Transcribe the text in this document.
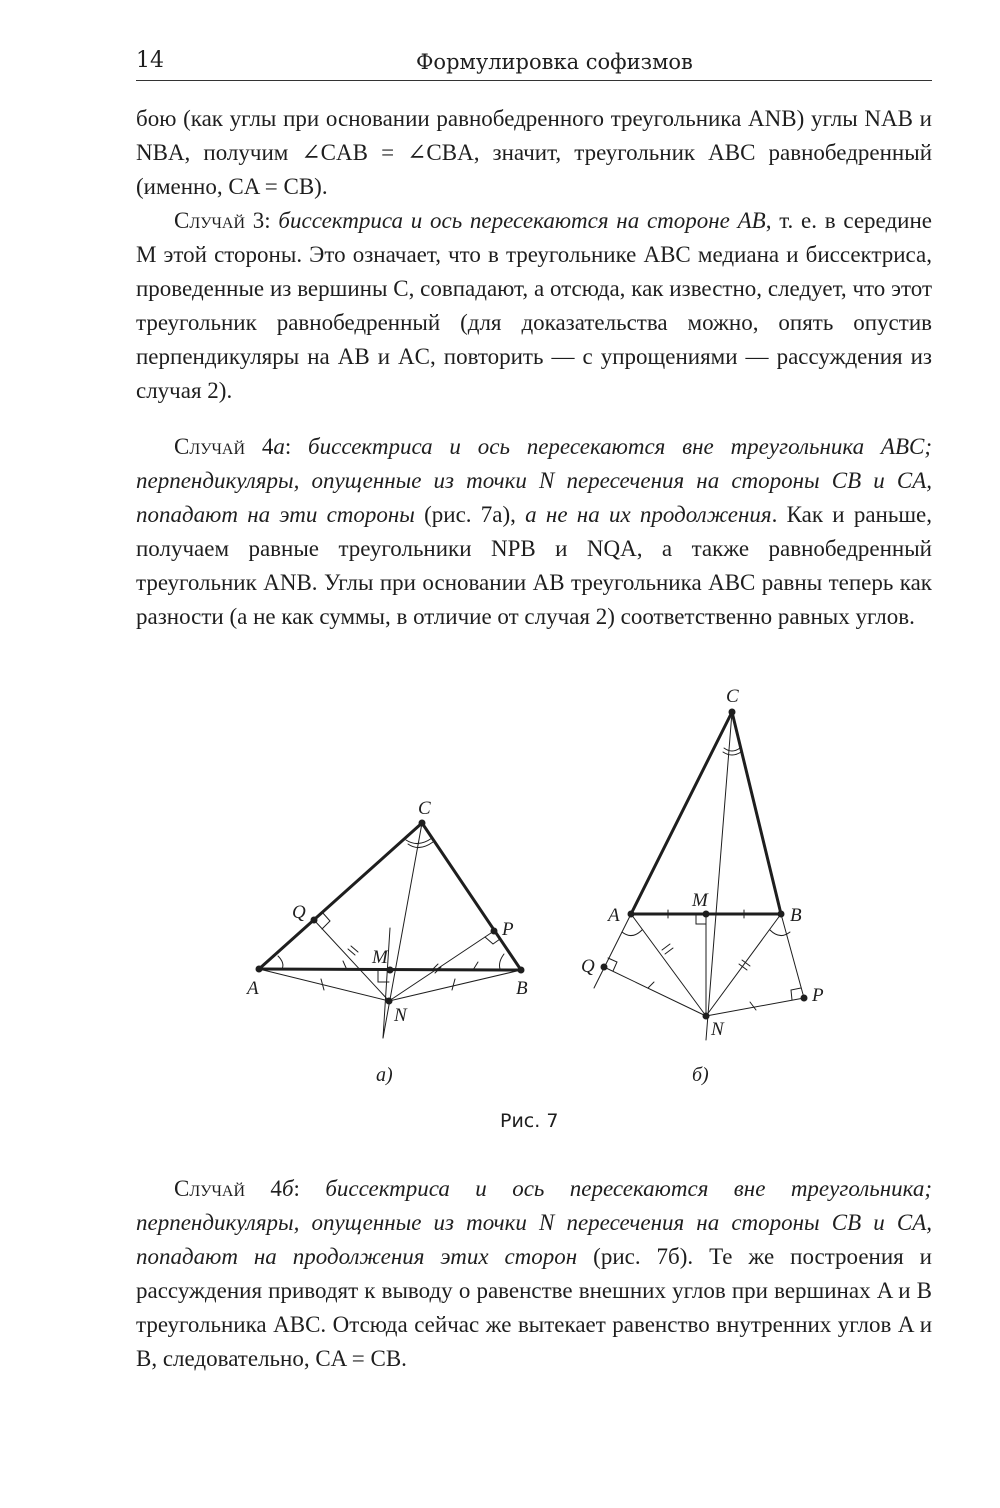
14	Формулировка софизмов

бою (как углы при основании равнобедренного треугольника ANB) углы NAB и NBA, получим ∠CAB = ∠CBA, значит, треугольник ABC равнобедренный (именно, CA = CB).

Случай 3: биссектриса и ось пересекаются на стороне AB, т. е. в середине M этой стороны. Это означает, что в треугольнике ABC медиана и биссектриса, проведенные из вершины C, совпадают, а отсюда, как известно, следует, что этот треугольник равнобедренный (для доказательства можно, опять опустив перпендикуляры на AB и AC, повторить — с упрощениями — рассуждения из случая 2).

Случай 4а: биссектриса и ось пересекаются вне треугольника ABC; перпендикуляры, опущенные из точки N пересечения на стороны CB и CA, попадают на эти стороны (рис. 7а), а не на их продолжения. Как и раньше, получаем равные треугольники NPB и NQA, а также равнобедренный треугольник ANB. Углы при основании AB треугольника ABC равны теперь как разности (а не как суммы, в отличие от случая 2) соответственно равных углов.

C
Q
P
M
A	B
N
C
M
A	B
Q
P
N
а)	б)
Рис. 7

Случай 4б: биссектриса и ось пересекаются вне треугольника; перпендикуляры, опущенные из точки N пересечения на стороны CB и CA, попадают на продолжения этих сторон (рис. 7б). Те же построения и рассуждения приводят к выводу о равенстве внешних углов при вершинах A и B треугольника ABC. Отсюда сейчас же вытекает равенство внутренних углов A и B, следовательно, CA = CB.
